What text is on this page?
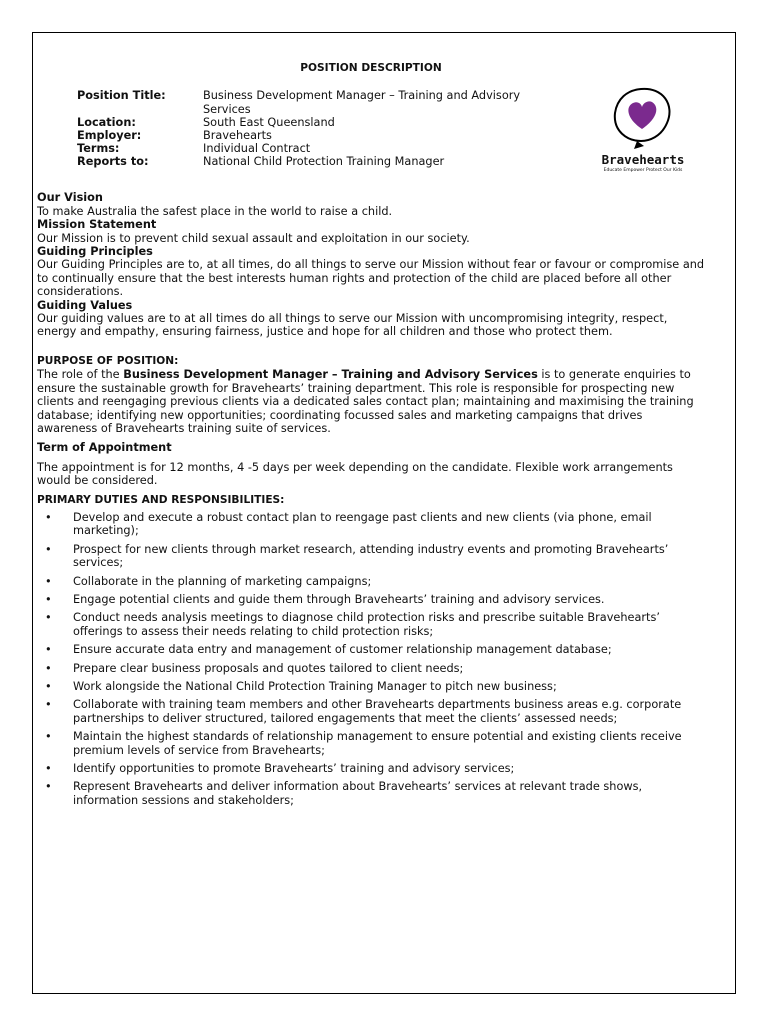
POSITION DESCRIPTION
Position Title:	Business Development Manager – Training and Advisory Services
Location:	South East Queensland
Employer:	Bravehearts
Terms:	Individual Contract
Reports to:	National Child Protection Training Manager	Bravehearts
Educate Empower Protect Our Kids

Our Vision

To make Australia the safest place in the world to raise a child.

Mission Statement

Our Mission is to prevent child sexual assault and exploitation in our society.

Guiding Principles

Our Guiding Principles are to, at all times, do all things to serve our Mission without fear or favour or compromise and to continually ensure that the best interests human rights and protection of the child are placed before all other considerations.

Guiding Values

Our guiding values are to at all times do all things to serve our Mission with uncompromising integrity, respect, energy and empathy, ensuring fairness, justice and hope for all children and those who protect them.

PURPOSE OF POSITION:

The role of the Business Development Manager – Training and Advisory Services is to generate enquiries to ensure the sustainable growth for Bravehearts’ training department. This role is responsible for prospecting new clients and reengaging previous clients via a dedicated sales contact plan; maintaining and maximising the training database; identifying new opportunities; coordinating focussed sales and marketing campaigns that drives awareness of Bravehearts training suite of services.

Term of Appointment

The appointment is for 12 months, 4 -5 days per week depending on the candidate. Flexible work arrangements would be considered.

PRIMARY DUTIES AND RESPONSIBILITIES:

• Develop and execute a robust contact plan to reengage past clients and new clients (via phone, email marketing);
• Prospect for new clients through market research, attending industry events and promoting Bravehearts’ services;
• Collaborate in the planning of marketing campaigns;
• Engage potential clients and guide them through Bravehearts’ training and advisory services.
• Conduct needs analysis meetings to diagnose child protection risks and prescribe suitable Bravehearts’ offerings to assess their needs relating to child protection risks;
• Ensure accurate data entry and management of customer relationship management database;
• Prepare clear business proposals and quotes tailored to client needs;
• Work alongside the National Child Protection Training Manager to pitch new business;
• Collaborate with training team members and other Bravehearts departments business areas e.g. corporate partnerships to deliver structured, tailored engagements that meet the clients’ assessed needs;
• Maintain the highest standards of relationship management to ensure potential and existing clients receive premium levels of service from Bravehearts;
• Identify opportunities to promote Bravehearts’ training and advisory services;
• Represent Bravehearts and deliver information about Bravehearts’ services at relevant trade shows, information sessions and stakeholders;
